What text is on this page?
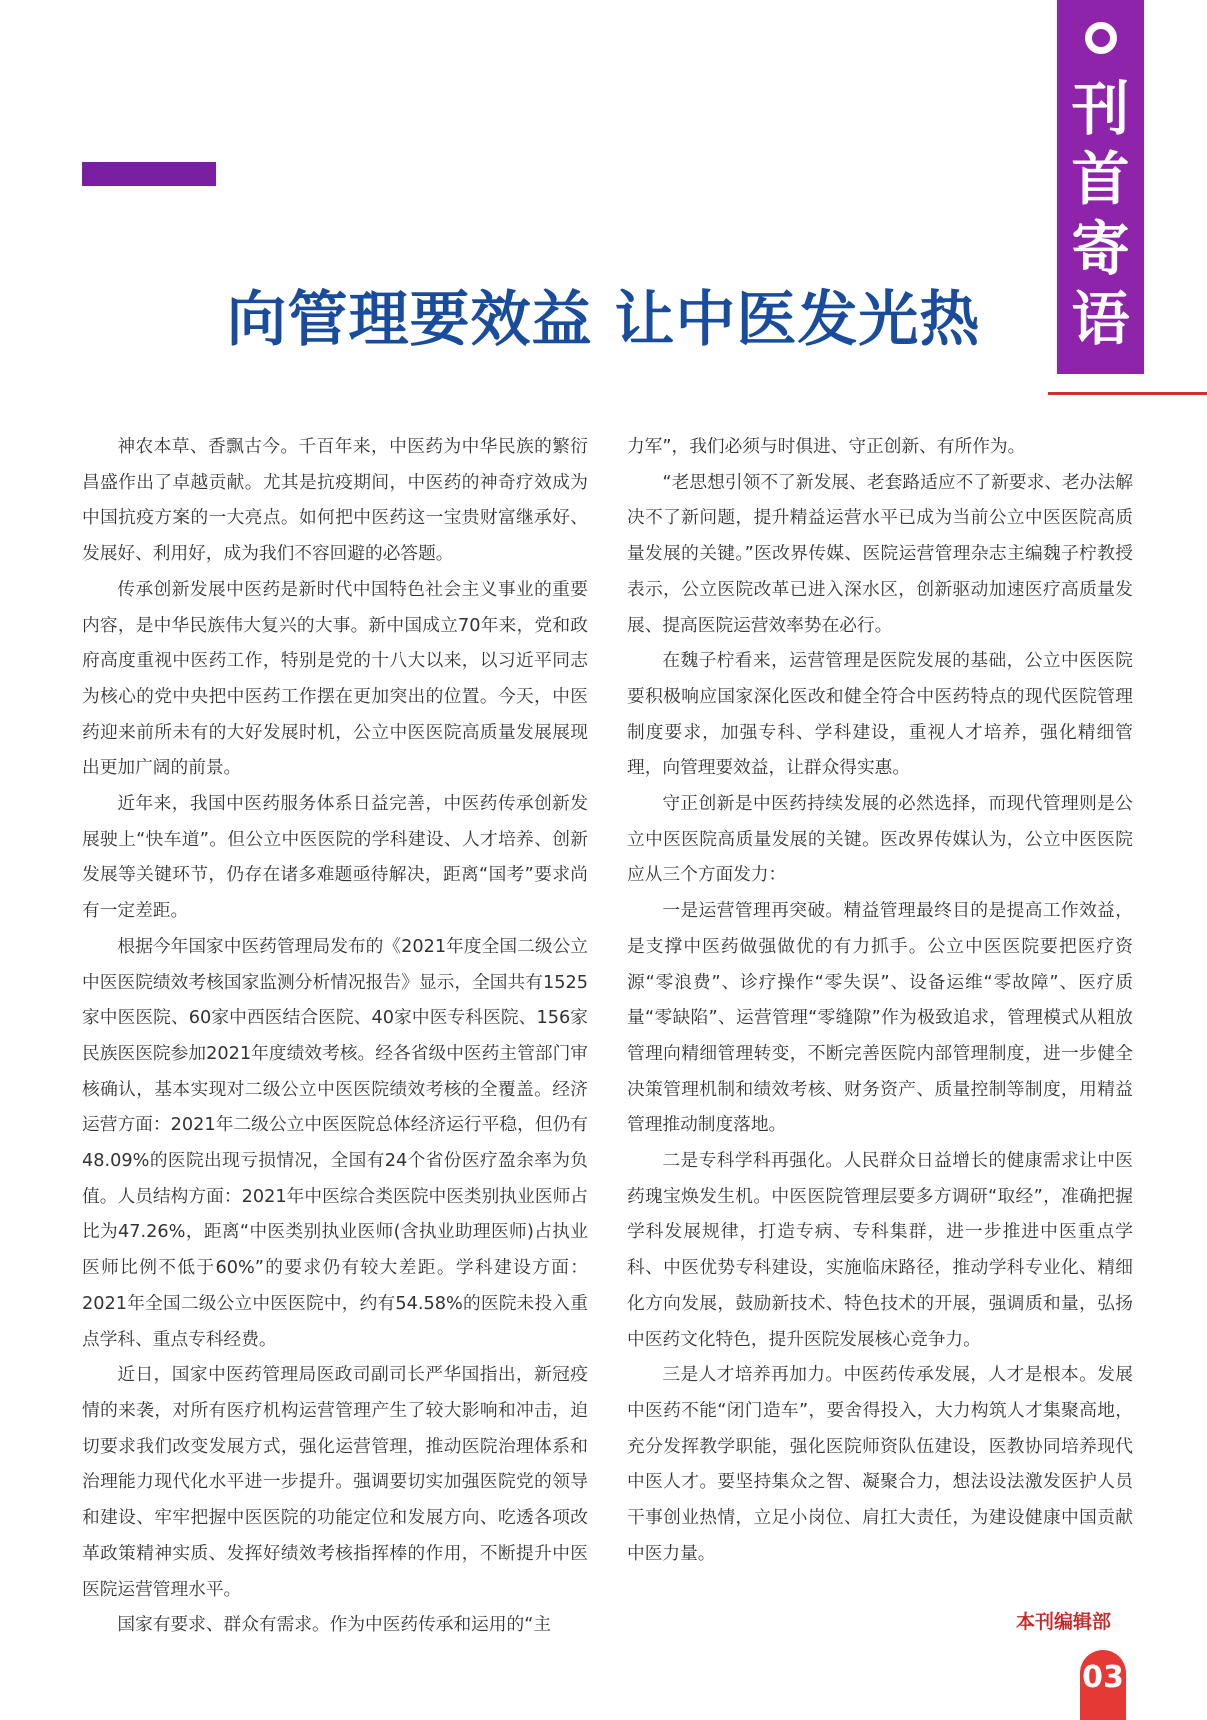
刊首寄语
向管理要效益 让中医发光热

神农本草、香飘古今。千百年来，中医药为中华民族的繁衍昌盛作出了卓越贡献。尤其是抗疫期间，中医药的神奇疗效成为中国抗疫方案的一大亮点。如何把中医药这一宝贵财富继承好、发展好、利用好，成为我们不容回避的必答题。

传承创新发展中医药是新时代中国特色社会主义事业的重要内容，是中华民族伟大复兴的大事。新中国成立70年来，党和政府高度重视中医药工作，特别是党的十八大以来，以习近平同志为核心的党中央把中医药工作摆在更加突出的位置。今天，中医药迎来前所未有的大好发展时机，公立中医医院高质量发展展现出更加广阔的前景。

近年来，我国中医药服务体系日益完善，中医药传承创新发展驶上“快车道”。但公立中医医院的学科建设、人才培养、创新发展等关键环节，仍存在诸多难题亟待解决，距离“国考”要求尚有一定差距。

根据今年国家中医药管理局发布的《2021年度全国二级公立中医医院绩效考核国家监测分析情况报告》显示，全国共有1525家中医医院、60家中西医结合医院、40家中医专科医院、156家民族医医院参加2021年度绩效考核。经各省级中医药主管部门审核确认，基本实现对二级公立中医医院绩效考核的全覆盖。经济运营方面：2021年二级公立中医医院总体经济运行平稳，但仍有48.09%的医院出现亏损情况，全国有24个省份医疗盈余率为负值。人员结构方面：2021年中医综合类医院中医类别执业医师占比为47.26%，距离“中医类别执业医师(含执业助理医师)占执业医师比例不低于60%”的要求仍有较大差距。学科建设方面：2021年全国二级公立中医医院中，约有54.58%的医院未投入重点学科、重点专科经费。

近日，国家中医药管理局医政司副司长严华国指出，新冠疫情的来袭，对所有医疗机构运营管理产生了较大影响和冲击，迫切要求我们改变发展方式，强化运营管理，推动医院治理体系和治理能力现代化水平进一步提升。强调要切实加强医院党的领导和建设、牢牢把握中医医院的功能定位和发展方向、吃透各项改革政策精神实质、发挥好绩效考核指挥棒的作用，不断提升中医医院运营管理水平。

国家有要求、群众有需求。作为中医药传承和运用的“主

力军”，我们必须与时俱进、守正创新、有所作为。

“老思想引领不了新发展、老套路适应不了新要求、老办法解决不了新问题，提升精益运营水平已成为当前公立中医医院高质量发展的关键。”医改界传媒、医院运营管理杂志主编魏子柠教授表示，公立医院改革已进入深水区，创新驱动加速医疗高质量发展、提高医院运营效率势在必行。

在魏子柠看来，运营管理是医院发展的基础，公立中医医院要积极响应国家深化医改和健全符合中医药特点的现代医院管理制度要求，加强专科、学科建设，重视人才培养，强化精细管理，向管理要效益，让群众得实惠。

守正创新是中医药持续发展的必然选择，而现代管理则是公立中医医院高质量发展的关键。医改界传媒认为，公立中医医院应从三个方面发力：

一是运营管理再突破。精益管理最终目的是提高工作效益，是支撑中医药做强做优的有力抓手。公立中医医院要把医疗资源“零浪费”、诊疗操作“零失误”、设备运维“零故障”、医疗质量“零缺陷”、运营管理“零缝隙”作为极致追求，管理模式从粗放管理向精细管理转变，不断完善医院内部管理制度，进一步健全决策管理机制和绩效考核、财务资产、质量控制等制度，用精益管理推动制度落地。

二是专科学科再强化。人民群众日益增长的健康需求让中医药瑰宝焕发生机。中医医院管理层要多方调研“取经”，准确把握学科发展规律，打造专病、专科集群，进一步推进中医重点学科、中医优势专科建设，实施临床路径，推动学科专业化、精细化方向发展，鼓励新技术、特色技术的开展，强调质和量，弘扬中医药文化特色，提升医院发展核心竞争力。

三是人才培养再加力。中医药传承发展，人才是根本。发展中医药不能“闭门造车”，要舍得投入，大力构筑人才集聚高地，充分发挥教学职能，强化医院师资队伍建设，医教协同培养现代中医人才。要坚持集众之智、凝聚合力，想法设法激发医护人员干事创业热情，立足小岗位、肩扛大责任，为建设健康中国贡献中医力量。

本刊编辑部
03
